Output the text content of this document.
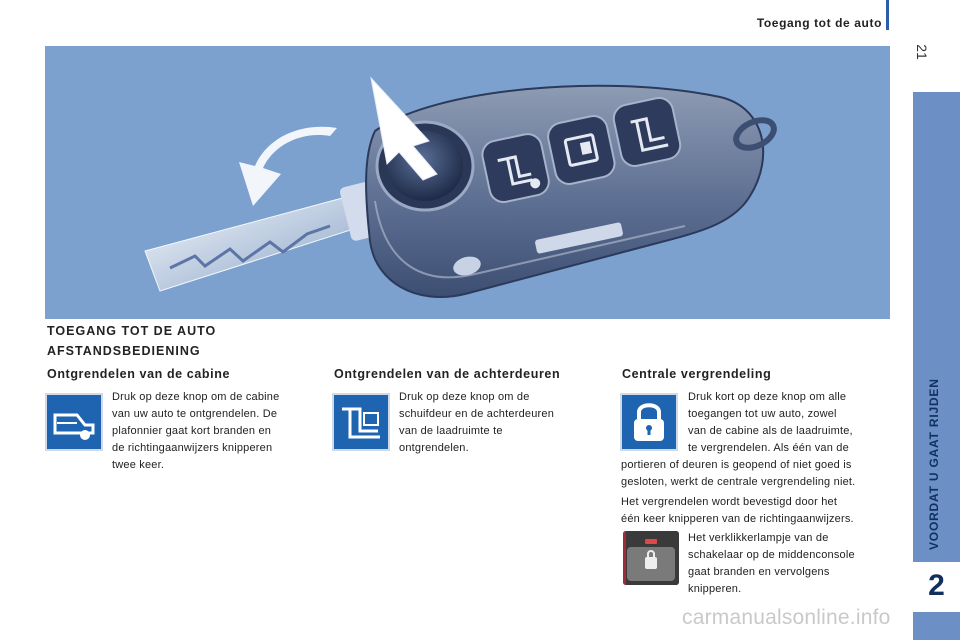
Toegang tot de auto
21
VOORDAT U GAAT RIJDEN
2
TOEGANG TOT DE AUTO
AFSTANDSBEDIENING
Ontgrendelen van de cabine
Druk op deze knop om de cabine
van uw auto te ontgrendelen. De
plafonnier gaat kort branden en
de richtingaanwijzers knipperen
twee keer.
Ontgrendelen van de achterdeuren
Druk op deze knop om de
schuifdeur en de achterdeuren
van de laadruimte te
ontgrendelen.
Centrale vergrendeling
Druk kort op deze knop om alle
toegangen tot uw auto, zowel
van de cabine als de laadruimte,
te vergrendelen. Als één van de
portieren of deuren is geopend of niet goed is
gesloten, werkt de centrale vergrendeling niet.
Het vergrendelen wordt bevestigd door het
één keer knipperen van de richtingaanwijzers.
Het verklikkerlampje van de
schakelaar op de middenconsole
gaat branden en vervolgens
knipperen.
carmanualsonline.info
